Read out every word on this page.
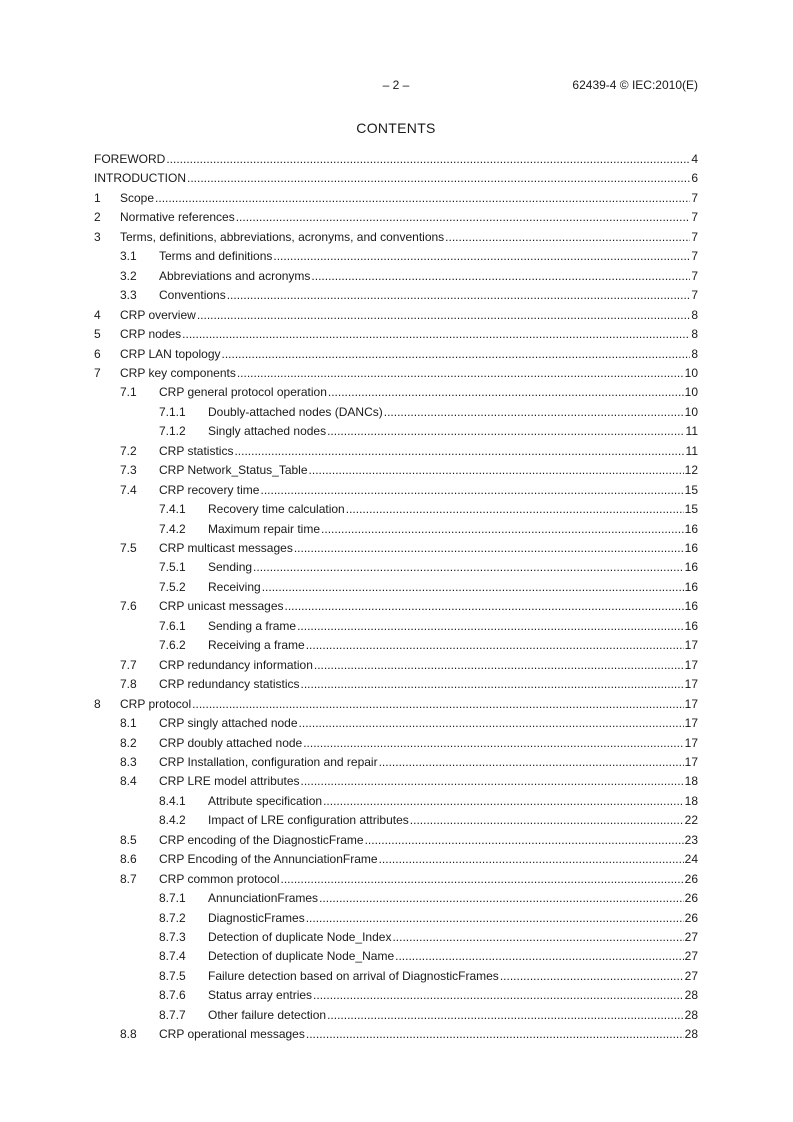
– 2 –	62439-4 © IEC:2010(E)
CONTENTS
FOREWORD .....	4
INTRODUCTION .....	6
1	Scope .....	7
2	Normative references .....	7
3	Terms, definitions, abbreviations, acronyms, and conventions .....	7
3.1	Terms and definitions .....	7
3.2	Abbreviations and acronyms .....	7
3.3	Conventions .....	7
4	CRP overview .....	8
5	CRP nodes .....	8
6	CRP LAN topology .....	8
7	CRP key components .....	10
7.1	CRP general protocol operation .....	10
7.1.1	Doubly-attached nodes (DANCs) .....	10
7.1.2	Singly attached nodes .....	11
7.2	CRP statistics .....	11
7.3	CRP Network_Status_Table .....	12
7.4	CRP recovery time .....	15
7.4.1	Recovery time calculation .....	15
7.4.2	Maximum repair time .....	16
7.5	CRP multicast messages .....	16
7.5.1	Sending .....	16
7.5.2	Receiving .....	16
7.6	CRP unicast messages .....	16
7.6.1	Sending a frame .....	16
7.6.2	Receiving a frame .....	17
7.7	CRP redundancy information .....	17
7.8	CRP redundancy statistics .....	17
8	CRP protocol .....	17
8.1	CRP singly attached node .....	17
8.2	CRP doubly attached node .....	17
8.3	CRP Installation, configuration and repair .....	17
8.4	CRP LRE model attributes .....	18
8.4.1	Attribute specification .....	18
8.4.2	Impact of LRE configuration attributes .....	22
8.5	CRP encoding of the DiagnosticFrame .....	23
8.6	CRP Encoding of the AnnunciationFrame .....	24
8.7	CRP common protocol .....	26
8.7.1	AnnunciationFrames .....	26
8.7.2	DiagnosticFrames .....	26
8.7.3	Detection of duplicate Node_Index .....	27
8.7.4	Detection of duplicate Node_Name .....	27
8.7.5	Failure detection based on arrival of DiagnosticFrames .....	27
8.7.6	Status array entries .....	28
8.7.7	Other failure detection .....	28
8.8	CRP operational messages .....	28
